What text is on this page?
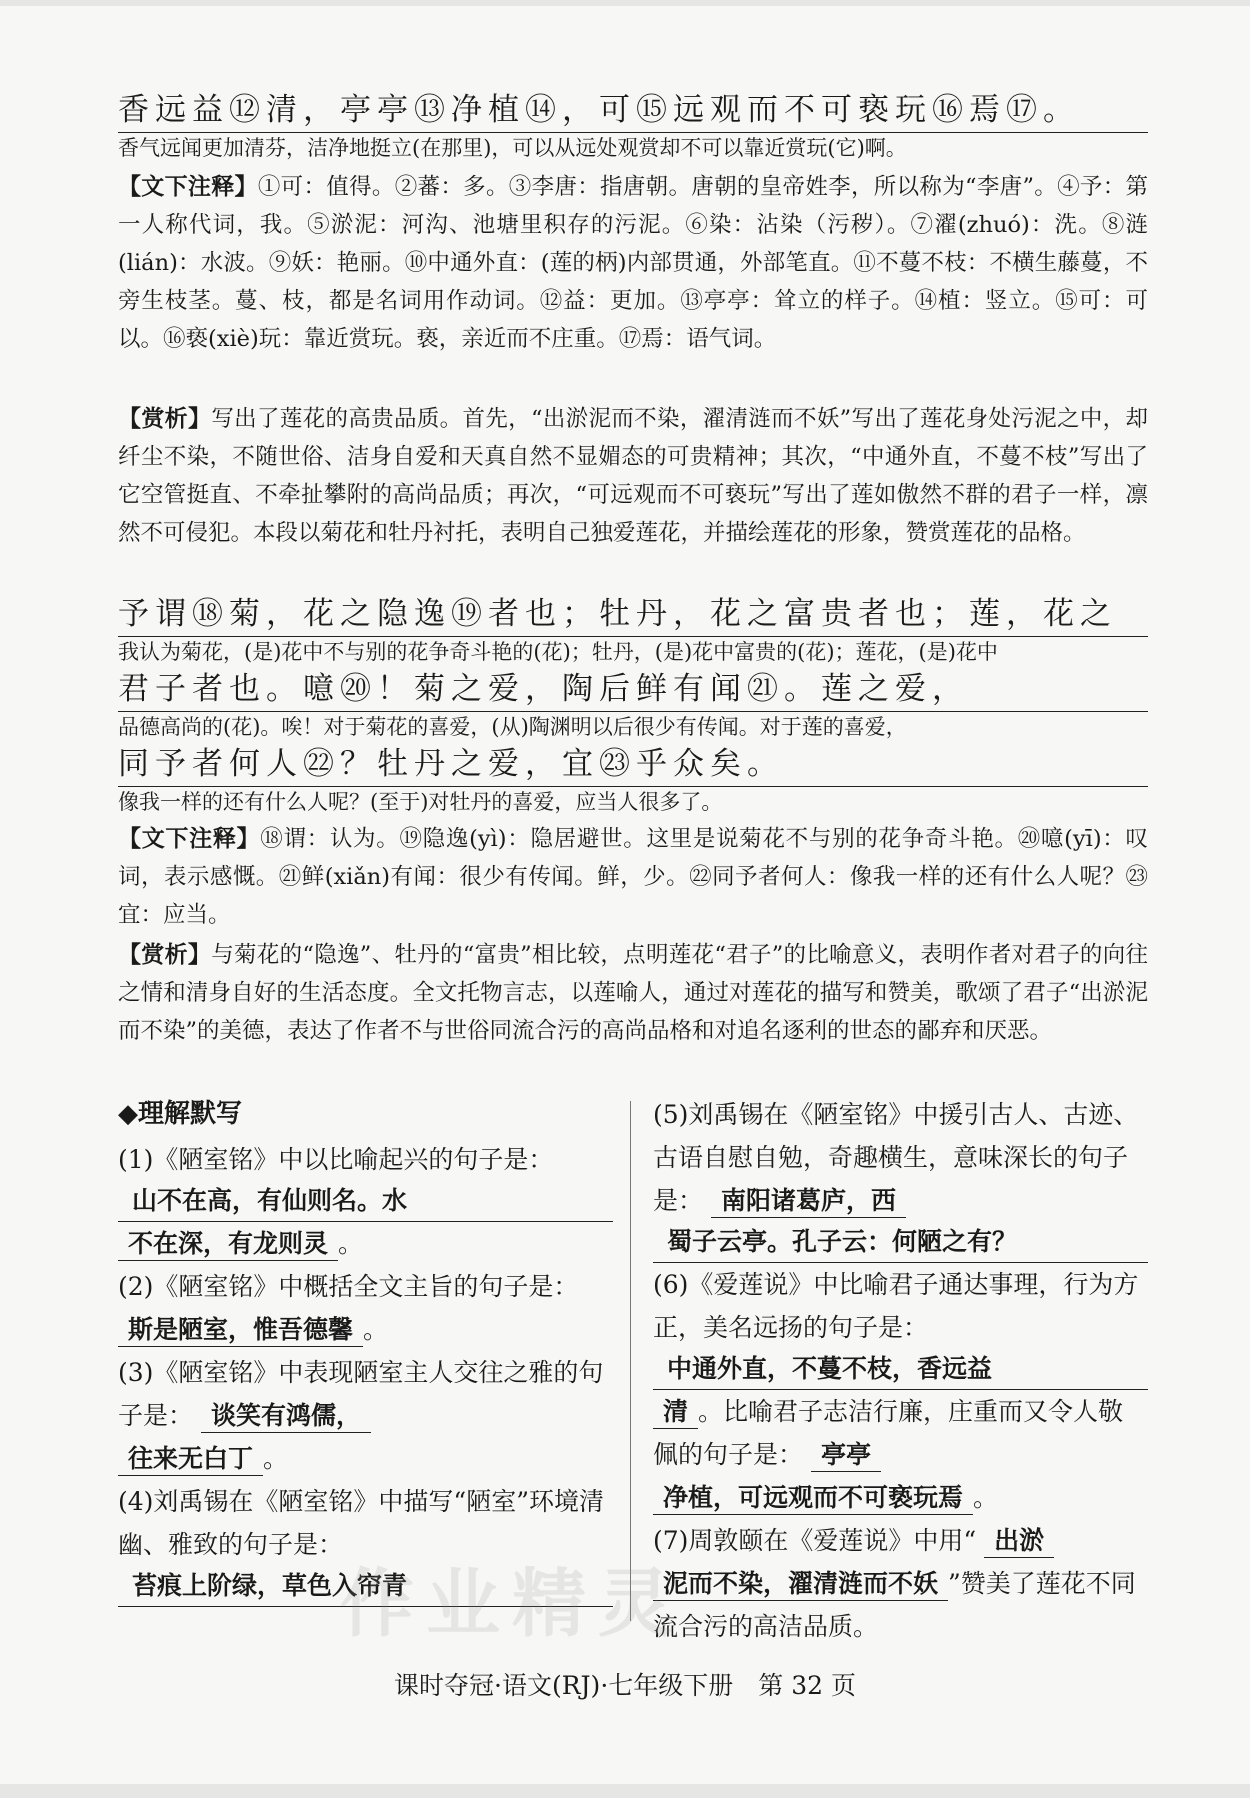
香远益⑫清，亭亭⑬净植⑭，可⑮远观而不可亵玩⑯焉⑰。
香气远闻更加清芬，洁净地挺立(在那里)，可以从远处观赏却不可以靠近赏玩(它)啊。
【文下注释】①可：值得。②蕃：多。③李唐：指唐朝。唐朝的皇帝姓李，所以称为“李唐”。④予：第一人称代词，我。⑤淤泥：河沟、池塘里积存的污泥。⑥染：沾染（污秽）。⑦濯(zhuó)：洗。⑧涟(lián)：水波。⑨妖：艳丽。⑩中通外直：(莲的柄)内部贯通，外部笔直。⑪不蔓不枝：不横生藤蔓，不旁生枝茎。蔓、枝，都是名词用作动词。⑫益：更加。⑬亭亭：耸立的样子。⑭植：竖立。⑮可：可以。⑯亵(xiè)玩：靠近赏玩。亵，亲近而不庄重。⑰焉：语气词。
【赏析】写出了莲花的高贵品质。首先，“出淤泥而不染，濯清涟而不妖”写出了莲花身处污泥之中，却纤尘不染，不随世俗、洁身自爱和天真自然不显媚态的可贵精神；其次，“中通外直，不蔓不枝”写出了它空管挺直、不牵扯攀附的高尚品质；再次，“可远观而不可亵玩”写出了莲如傲然不群的君子一样，凛然不可侵犯。本段以菊花和牡丹衬托，表明自己独爱莲花，并描绘莲花的形象，赞赏莲花的品格。
予谓⑱菊，花之隐逸⑲者也；牡丹，花之富贵者也；莲，花之
我认为菊花，(是)花中不与别的花争奇斗艳的(花)；牡丹，(是)花中富贵的(花)；莲花，(是)花中
君子者也。噫⑳！菊之爱，陶后鲜有闻㉑。莲之爱，
品德高尚的(花)。唉！对于菊花的喜爱，(从)陶渊明以后很少有传闻。对于莲的喜爱，
同予者何人㉒？牡丹之爱，宜㉓乎众矣。
像我一样的还有什么人呢？(至于)对牡丹的喜爱，应当人很多了。
【文下注释】⑱谓：认为。⑲隐逸(yì)：隐居避世。这里是说菊花不与别的花争奇斗艳。⑳噫(yī)：叹词，表示感慨。㉑鲜(xiǎn)有闻：很少有传闻。鲜，少。㉒同予者何人：像我一样的还有什么人呢？㉓宜：应当。
【赏析】与菊花的“隐逸”、牡丹的“富贵”相比较，点明莲花“君子”的比喻意义，表明作者对君子的向往之情和清身自好的生活态度。全文托物言志，以莲喻人，通过对莲花的描写和赞美，歌颂了君子“出淤泥而不染”的美德，表达了作者不与世俗同流合污的高尚品格和对追名逐利的世态的鄙弃和厌恶。
◆理解默写
(1)《陋室铭》中以比喻起兴的句子是：
山不在高，有仙则名。水
不在深，有龙则灵 。
(2)《陋室铭》中概括全文主旨的句子是： 斯是陋室，惟吾德馨 。
(3)《陋室铭》中表现陋室主人交往之雅的句子是： 谈笑有鸿儒，
往来无白丁 。
(4)刘禹锡在《陋室铭》中描写“陋室”环境清幽、雅致的句子是：
苔痕上阶绿，草色入帘青
(5)刘禹锡在《陋室铭》中援引古人、古迹、古语自慰自勉，奇趣横生，意味深长的句子是： 南阳诸葛庐，西
蜀子云亭。孔子云：何陋之有？
(6)《爱莲说》中比喻君子通达事理，行为方正，美名远扬的句子是：
中通外直，不蔓不枝，香远益
清 。比喻君子志洁行廉，庄重而又令人敬佩的句子是： 亭亭 净植，可远观而不可亵玩焉 。
(7)周敦颐在《爱莲说》中用“ 出淤 泥而不染，濯清涟而不妖 ”赞美了莲花不同流合污的高洁品质。
作业精灵
课时夺冠·语文(RJ)·七年级下册　第 32 页
